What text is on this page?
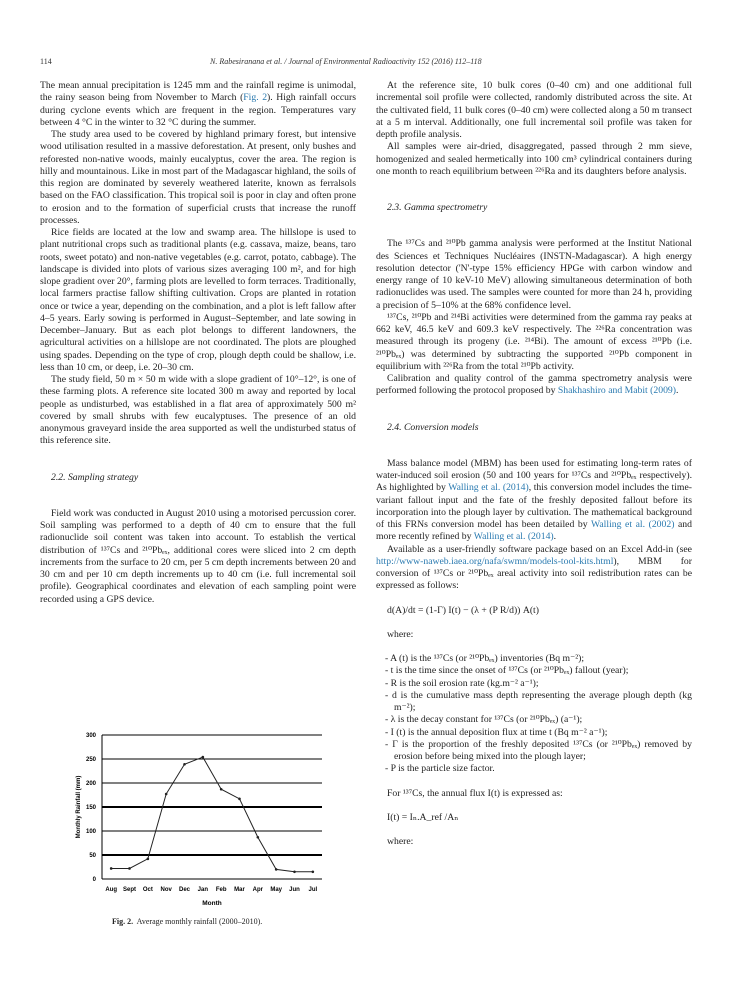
114	N. Rabesiranana et al. / Journal of Environmental Radioactivity 152 (2016) 112–118

The mean annual precipitation is 1245 mm and the rainfall regime is unimodal, the rainy season being from November to March (Fig. 2). High rainfall occurs during cyclone events which are frequent in the region. Temperatures vary between 4 °C in the winter to 32 °C during the summer.

The study area used to be covered by highland primary forest, but intensive wood utilisation resulted in a massive deforestation. At present, only bushes and reforested non-native woods, mainly eucalyptus, cover the area. The region is hilly and mountainous. Like in most part of the Madagascar highland, the soils of this region are dominated by severely weathered laterite, known as ferralsols based on the FAO classification. This tropical soil is poor in clay and often prone to erosion and to the formation of superficial crusts that increase the runoff processes.

Rice fields are located at the low and swamp area. The hillslope is used to plant nutritional crops such as traditional plants (e.g. cassava, maize, beans, taro roots, sweet potato) and non-native vegetables (e.g. carrot, potato, cabbage). The landscape is divided into plots of various sizes averaging 100 m², and for high slope gradient over 20°, farming plots are levelled to form terraces. Traditionally, local farmers practise fallow shifting cultivation. Crops are planted in rotation once or twice a year, depending on the combination, and a plot is left fallow after 4–5 years. Early sowing is performed in August–September, and late sowing in December–January. But as each plot belongs to different landowners, the agricultural activities on a hillslope are not coordinated. The plots are ploughed using spades. Depending on the type of crop, plough depth could be shallow, i.e. less than 10 cm, or deep, i.e. 20–30 cm.

The study field, 50 m × 50 m wide with a slope gradient of 10°–12°, is one of these farming plots. A reference site located 300 m away and reported by local people as undisturbed, was established in a flat area of approximately 500 m² covered by small shrubs with few eucalyptuses. The presence of an old anonymous graveyard inside the area supported as well the undisturbed status of this reference site.

2.2. Sampling strategy

Field work was conducted in August 2010 using a motorised percussion corer. Soil sampling was performed to a depth of 40 cm to ensure that the full radionuclide soil content was taken into account. To establish the vertical distribution of ¹³⁷Cs and ²¹⁰Pbₑₓ, additional cores were sliced into 2 cm depth increments from the surface to 20 cm, per 5 cm depth increments between 20 and 30 cm and per 10 cm depth increments up to 40 cm (i.e. full incremental soil profile). Geographical coordinates and elevation of each sampling point were recorded using a GPS device.

Aug Sept Oct Nov Dec Jan Feb Mar Apr May Jun Jul
0
50
100
150
200
250
300
Month
Monthly Rainfall (mm)
Fig. 2. Average monthly rainfall (2000–2010).

At the reference site, 10 bulk cores (0–40 cm) and one additional full incremental soil profile were collected, randomly distributed across the site. At the cultivated field, 11 bulk cores (0–40 cm) were collected along a 50 m transect at a 5 m interval. Additionally, one full incremental soil profile was taken for depth profile analysis.

All samples were air-dried, disaggregated, passed through 2 mm sieve, homogenized and sealed hermetically into 100 cm³ cylindrical containers during one month to reach equilibrium between ²²⁶Ra and its daughters before analysis.

2.3. Gamma spectrometry

The ¹³⁷Cs and ²¹⁰Pb gamma analysis were performed at the Institut National des Sciences et Techniques Nucléaires (INSTN-Madagascar). A high energy resolution detector ('N'-type 15% efficiency HPGe with carbon window and energy range of 10 keV-10 MeV) allowing simultaneous determination of both radionuclides was used. The samples were counted for more than 24 h, providing a precision of 5–10% at the 68% confidence level.

¹³⁷Cs, ²¹⁰Pb and ²¹⁴Bi activities were determined from the gamma ray peaks at 662 keV, 46.5 keV and 609.3 keV respectively. The ²²⁶Ra concentration was measured through its progeny (i.e. ²¹⁴Bi). The amount of excess ²¹⁰Pb (i.e. ²¹⁰Pbₑₓ) was determined by subtracting the supported ²¹⁰Pb component in equilibrium with ²²⁶Ra from the total ²¹⁰Pb activity.

Calibration and quality control of the gamma spectrometry analysis were performed following the protocol proposed by Shakhashiro and Mabit (2009).

2.4. Conversion models

Mass balance model (MBM) has been used for estimating long-term rates of water-induced soil erosion (50 and 100 years for ¹³⁷Cs and ²¹⁰Pbₑₓ respectively). As highlighted by Walling et al. (2014), this conversion model includes the time-variant fallout input and the fate of the freshly deposited fallout before its incorporation into the plough layer by cultivation. The mathematical background of this FRNs conversion model has been detailed by Walling et al. (2002) and more recently refined by Walling et al. (2014).

Available as a user-friendly software package based on an Excel Add-in (see http://www-naweb.iaea.org/nafa/swmn/models-tool-kits.html), MBM for conversion of ¹³⁷Cs or ²¹⁰Pbₑₓ areal activity into soil redistribution rates can be expressed as follows:

d(A)/dt = (1-Γ) I(t) − (λ + (P R/d)) A(t)

where:

- A (t) is the ¹³⁷Cs (or ²¹⁰Pbₑₓ) inventories (Bq m⁻²);
- t is the time since the onset of ¹³⁷Cs (or ²¹⁰Pbₑₓ) fallout (year);
- R is the soil erosion rate (kg.m⁻² a⁻¹);
- d is the cumulative mass depth representing the average plough depth (kg m⁻²);
- λ is the decay constant for ¹³⁷Cs (or ²¹⁰Pbₑₓ) (a⁻¹);
- I (t) is the annual deposition flux at time t (Bq m⁻² a⁻¹);
- Γ is the proportion of the freshly deposited ¹³⁷Cs (or ²¹⁰Pbₑₓ) removed by erosion before being mixed into the plough layer;
- P is the particle size factor.

For ¹³⁷Cs, the annual flux I(t) is expressed as:

I(t) = Iₙ.A_ref /Aₙ

where:
